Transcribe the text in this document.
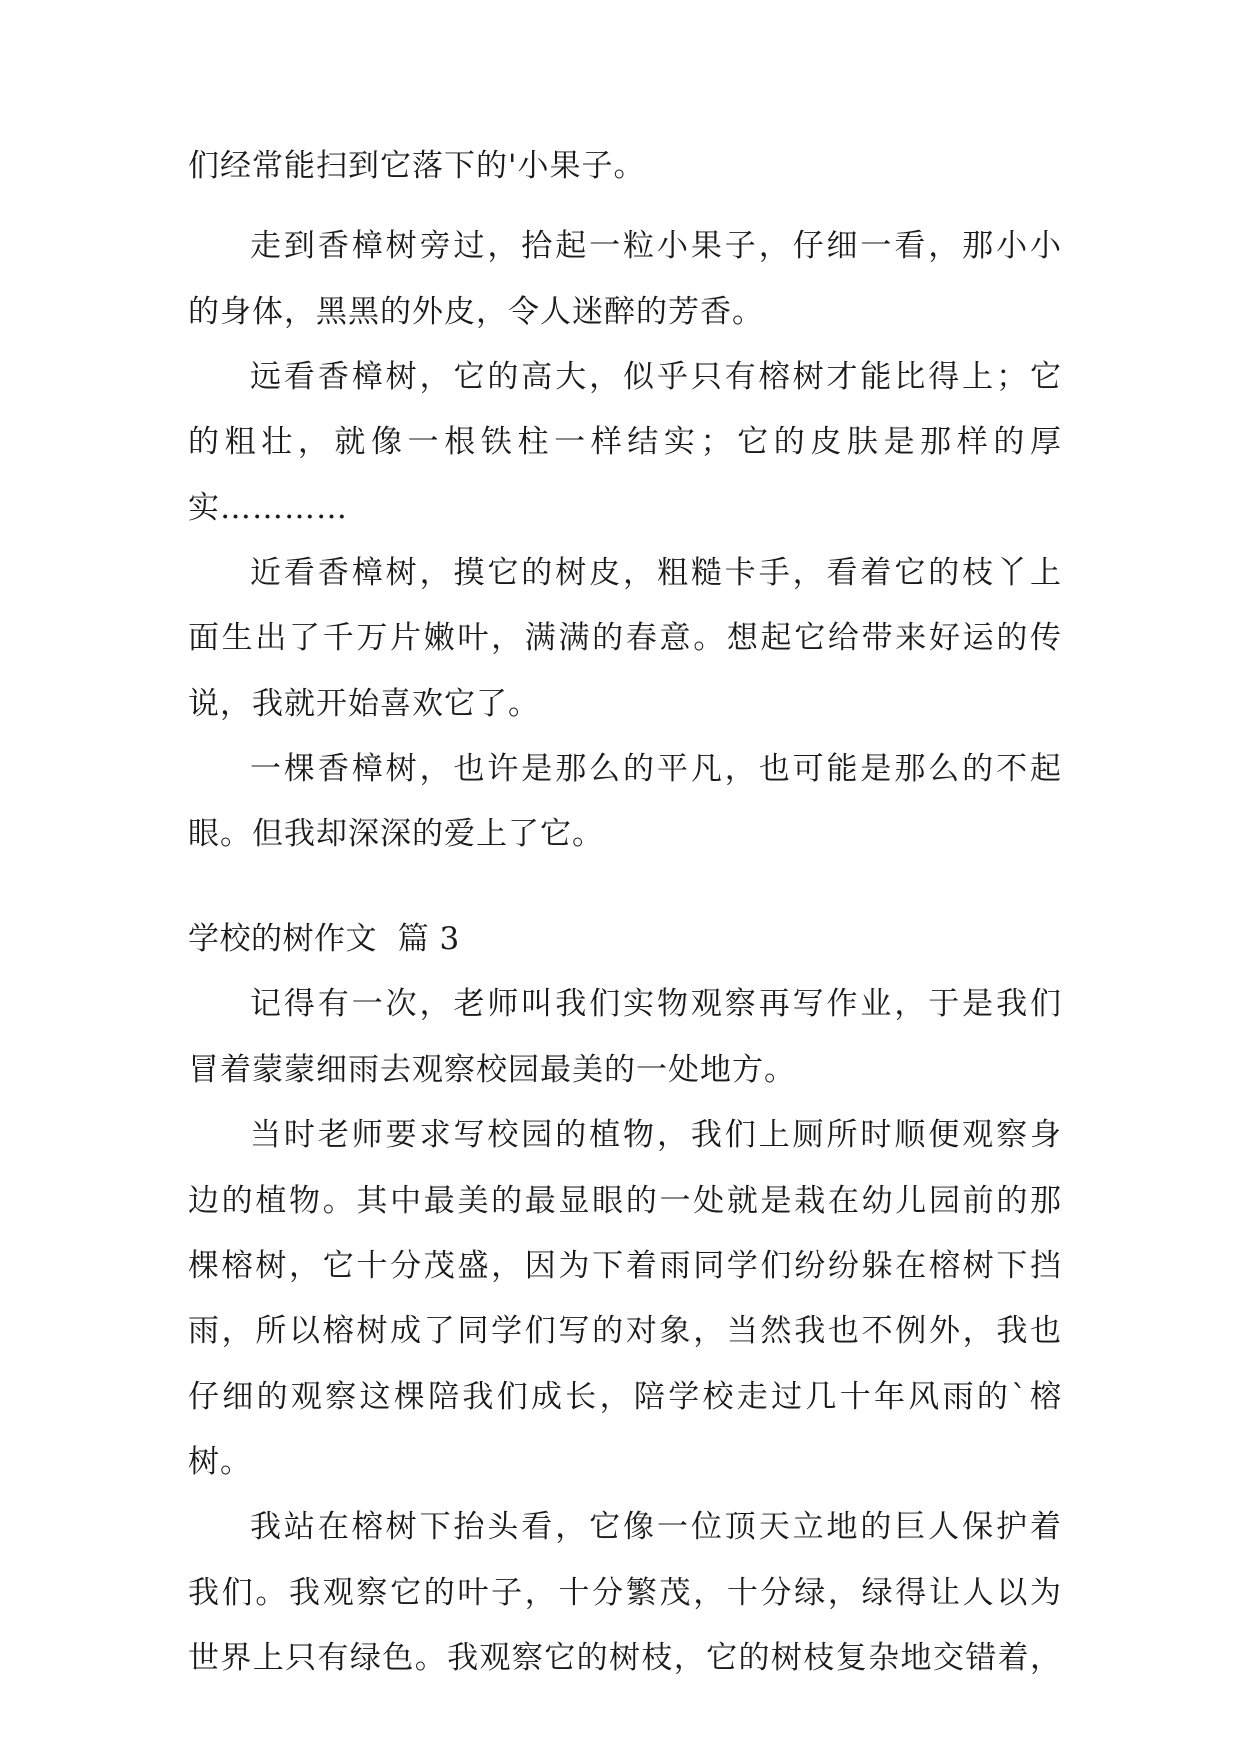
们经常能扫到它落下的'小果子。
走到香樟树旁过，拾起一粒小果子，仔细一看，那小小
的身体，黑黑的外皮，令人迷醉的芳香。
远看香樟树，它的高大，似乎只有榕树才能比得上；它
的粗壮，就像一根铁柱一样结实；它的皮肤是那样的厚
实…………
近看香樟树，摸它的树皮，粗糙卡手，看着它的枝丫上
面生出了千万片嫩叶，满满的春意。想起它给带来好运的传
说，我就开始喜欢它了。
一棵香樟树，也许是那么的平凡，也可能是那么的不起
眼。但我却深深的爱上了它。
学校的树作文  篇 3
记得有一次，老师叫我们实物观察再写作业，于是我们
冒着蒙蒙细雨去观察校园最美的一处地方。
当时老师要求写校园的植物，我们上厕所时顺便观察身
边的植物。其中最美的最显眼的一处就是栽在幼儿园前的那
棵榕树，它十分茂盛，因为下着雨同学们纷纷躲在榕树下挡
雨，所以榕树成了同学们写的对象，当然我也不例外，我也
仔细的观察这棵陪我们成长，陪学校走过几十年风雨的`榕
树。
我站在榕树下抬头看，它像一位顶天立地的巨人保护着
我们。我观察它的叶子，十分繁茂，十分绿，绿得让人以为
世界上只有绿色。我观察它的树枝，它的树枝复杂地交错着，
